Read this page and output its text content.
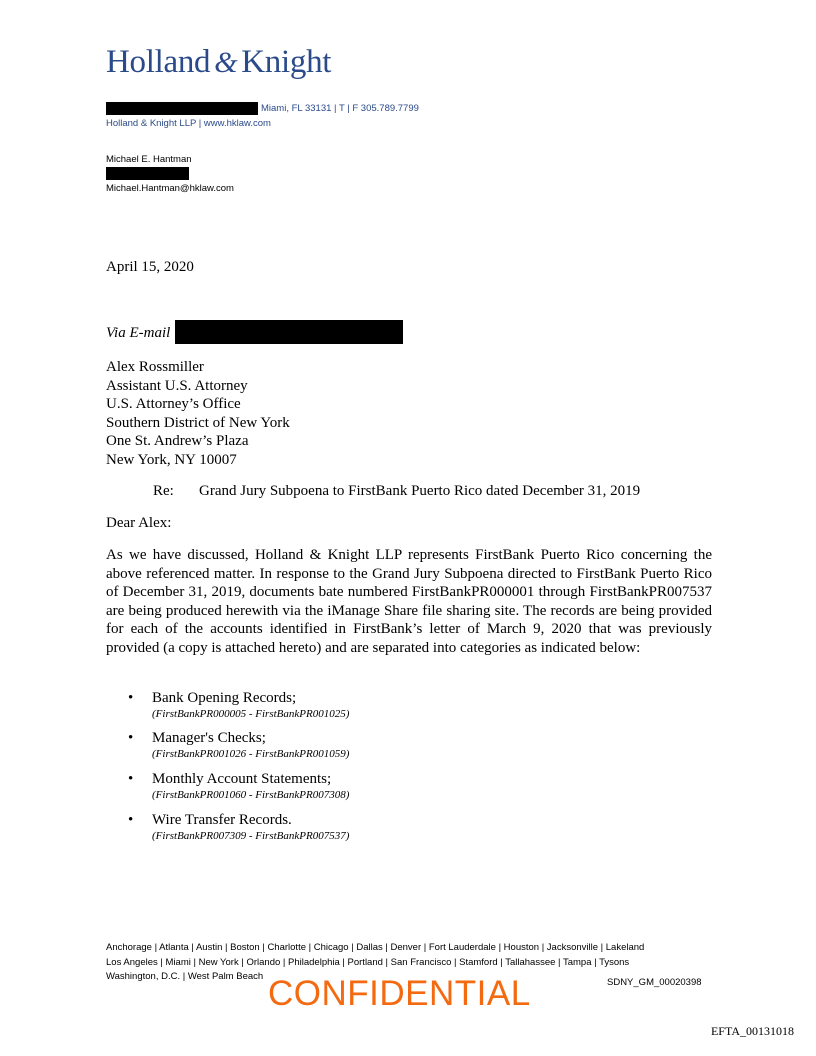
Holland & Knight
Miami, FL 33131 | T | F 305.789.7799
Holland & Knight LLP | www.hklaw.com
Michael E. Hantman
Michael.Hantman@hklaw.com
April 15, 2020
Via E-mail
Alex Rossmiller
Assistant U.S. Attorney
U.S. Attorney’s Office
Southern District of New York
One St. Andrew’s Plaza
New York, NY 10007
Re: Grand Jury Subpoena to FirstBank Puerto Rico dated December 31, 2019
Dear Alex:
As we have discussed, Holland & Knight LLP represents FirstBank Puerto Rico concerning the above referenced matter. In response to the Grand Jury Subpoena directed to FirstBank Puerto Rico of December 31, 2019, documents bate numbered FirstBankPR000001 through FirstBankPR007537 are being produced herewith via the iManage Share file sharing site. The records are being provided for each of the accounts identified in FirstBank’s letter of March 9, 2020 that was previously provided (a copy is attached hereto) and are separated into categories as indicated below:
• Bank Opening Records;
(FirstBankPR000005 - FirstBankPR001025)
• Manager's Checks;
(FirstBankPR001026 - FirstBankPR001059)
• Monthly Account Statements;
(FirstBankPR001060 - FirstBankPR007308)
• Wire Transfer Records.
(FirstBankPR007309 - FirstBankPR007537)
Anchorage | Atlanta | Austin | Boston | Charlotte | Chicago | Dallas | Denver | Fort Lauderdale | Houston | Jacksonville | Lakeland
Los Angeles | Miami | New York | Orlando | Philadelphia | Portland | San Francisco | Stamford | Tallahassee | Tampa | Tysons
Washington, D.C. | West Palm Beach
SDNY_GM_00020398
CONFIDENTIAL
EFTA_00131018
